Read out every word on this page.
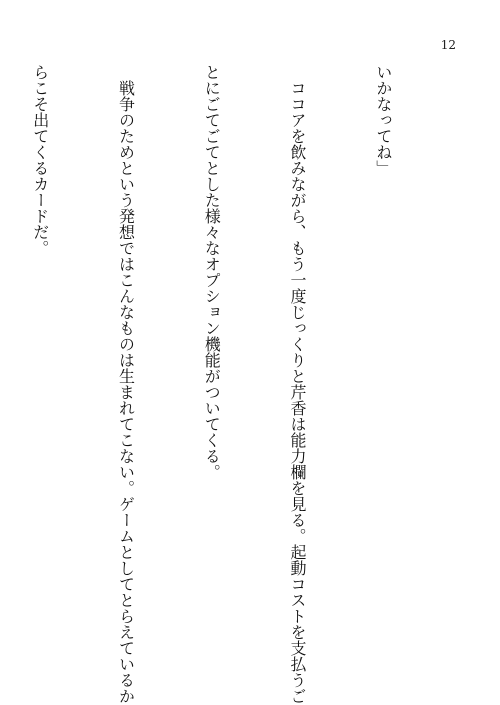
12

いかなってね」

　ココアを飲みながら、もう一度じっくりと芹香は能力欄を見る。起動コストを支払うご

とにごてごてとした様々なオプション機能がついてくる。

　戦争のためという発想ではこんなものは生まれてこない。ゲームとしてとらえているか

らこそ出てくるカードだ。
